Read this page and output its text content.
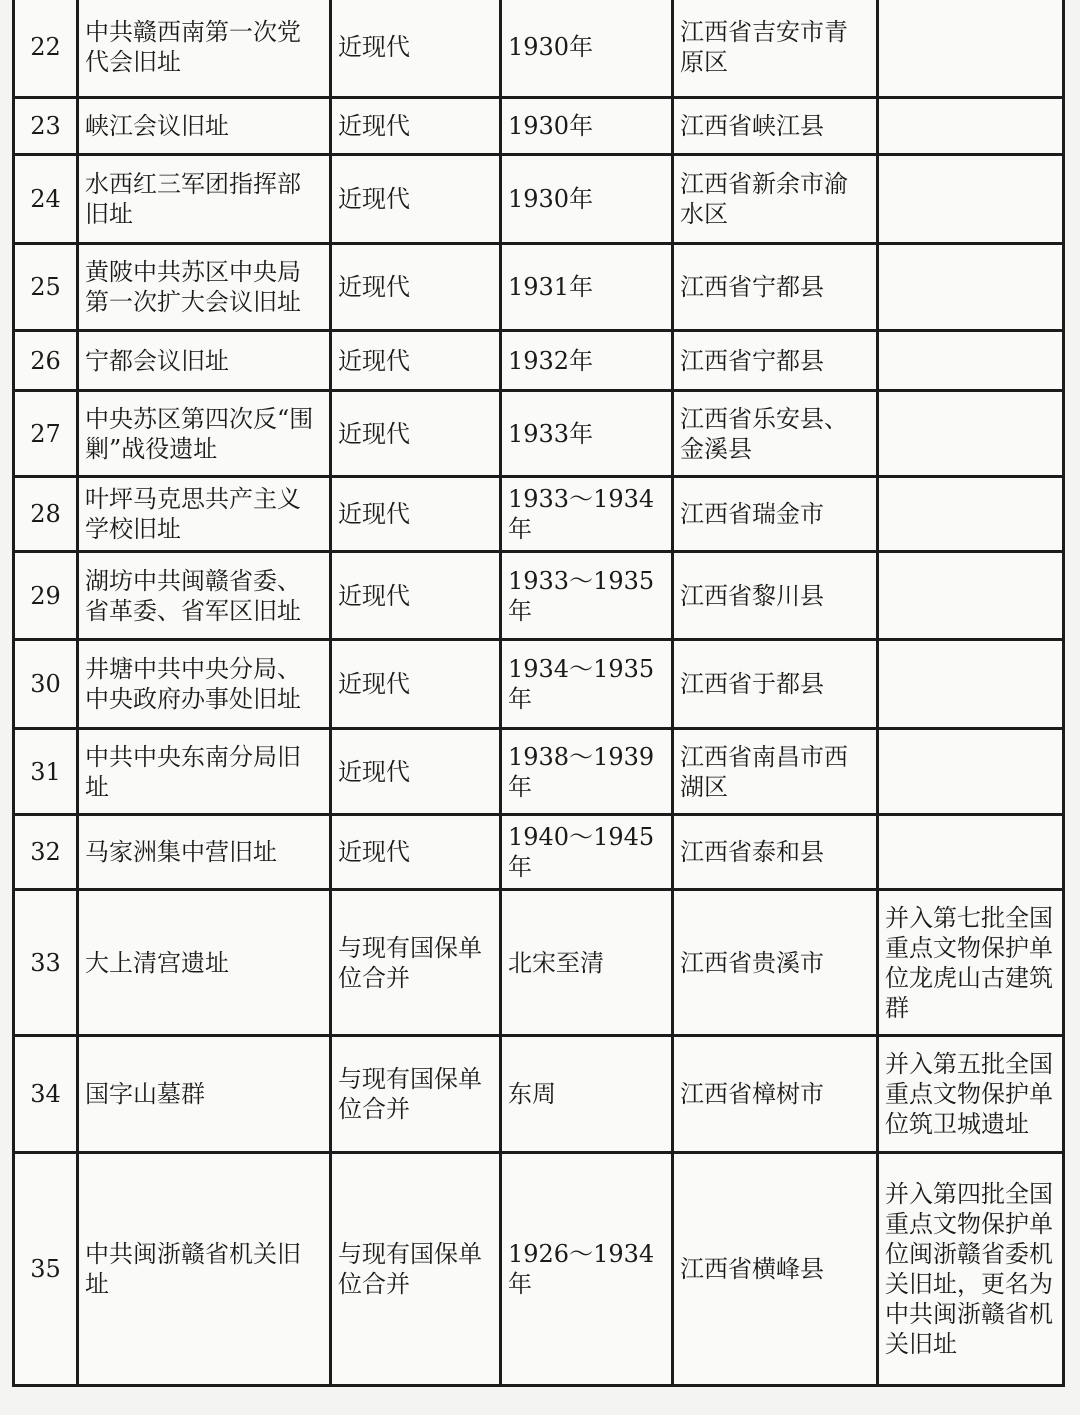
22	中共赣西南第一次党代会旧址	近现代	1930年	江西省吉安市青原区	
23	峡江会议旧址	近现代	1930年	江西省峡江县	
24	水西红三军团指挥部旧址	近现代	1930年	江西省新余市渝水区	
25	黄陂中共苏区中央局第一次扩大会议旧址	近现代	1931年	江西省宁都县	
26	宁都会议旧址	近现代	1932年	江西省宁都县	
27	中央苏区第四次反“围剿”战役遗址	近现代	1933年	江西省乐安县、金溪县	
28	叶坪马克思共产主义学校旧址	近现代	1933～1934年	江西省瑞金市	
29	湖坊中共闽赣省委、省革委、省军区旧址	近现代	1933～1935年	江西省黎川县	
30	井塘中共中央分局、中央政府办事处旧址	近现代	1934～1935年	江西省于都县	
31	中共中央东南分局旧址	近现代	1938～1939年	江西省南昌市西湖区	
32	马家洲集中营旧址	近现代	1940～1945年	江西省泰和县	
33	大上清宫遗址	与现有国保单位合并	北宋至清	江西省贵溪市	并入第七批全国重点文物保护单位龙虎山古建筑群
34	国字山墓群	与现有国保单位合并	东周	江西省樟树市	并入第五批全国重点文物保护单位筑卫城遗址
35	中共闽浙赣省机关旧址	与现有国保单位合并	1926～1934年	江西省横峰县	并入第四批全国重点文物保护单位闽浙赣省委机关旧址，更名为中共闽浙赣省机关旧址
